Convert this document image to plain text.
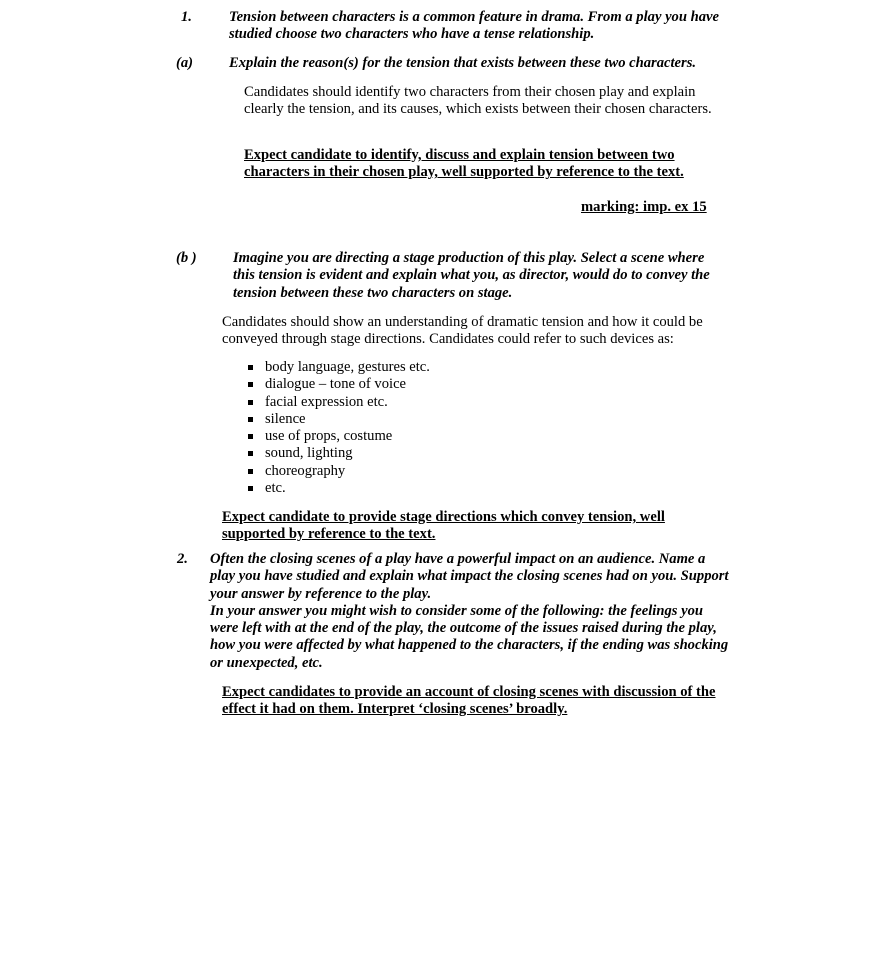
1.	Tension between characters is a common feature in drama. From a play you have studied choose two characters who have a tense relationship.
(a) Explain the reason(s) for the tension that exists between these two characters.
Candidates should identify two characters from their chosen play and explain clearly the tension, and its causes, which exists between their chosen characters.
Expect candidate to identify, discuss and explain tension between two characters in their chosen play, well supported by reference to the text.
marking: imp. ex 15
(b ) Imagine you are directing a stage production of this play. Select a scene where this tension is evident and explain what you, as director, would do to convey the tension between these two characters on stage.
Candidates should show an understanding of dramatic tension and how it could be conveyed through stage directions. Candidates could refer to such devices as:
body language, gestures etc.
dialogue – tone of voice
facial expression etc.
silence
use of props, costume
sound, lighting
choreography
etc.
Expect candidate to provide stage directions which convey tension, well supported by reference to the text.
2. Often the closing scenes of a play have a powerful impact on an audience. Name a play you have studied and explain what impact the closing scenes had on you. Support your answer by reference to the play.
In your answer you might wish to consider some of the following: the feelings you were left with at the end of the play, the outcome of the issues raised during the play, how you were affected by what happened to the characters, if the ending was shocking or unexpected, etc.
Expect candidates to provide an account of closing scenes with discussion of the effect it had on them. Interpret ‘closing scenes’ broadly.
